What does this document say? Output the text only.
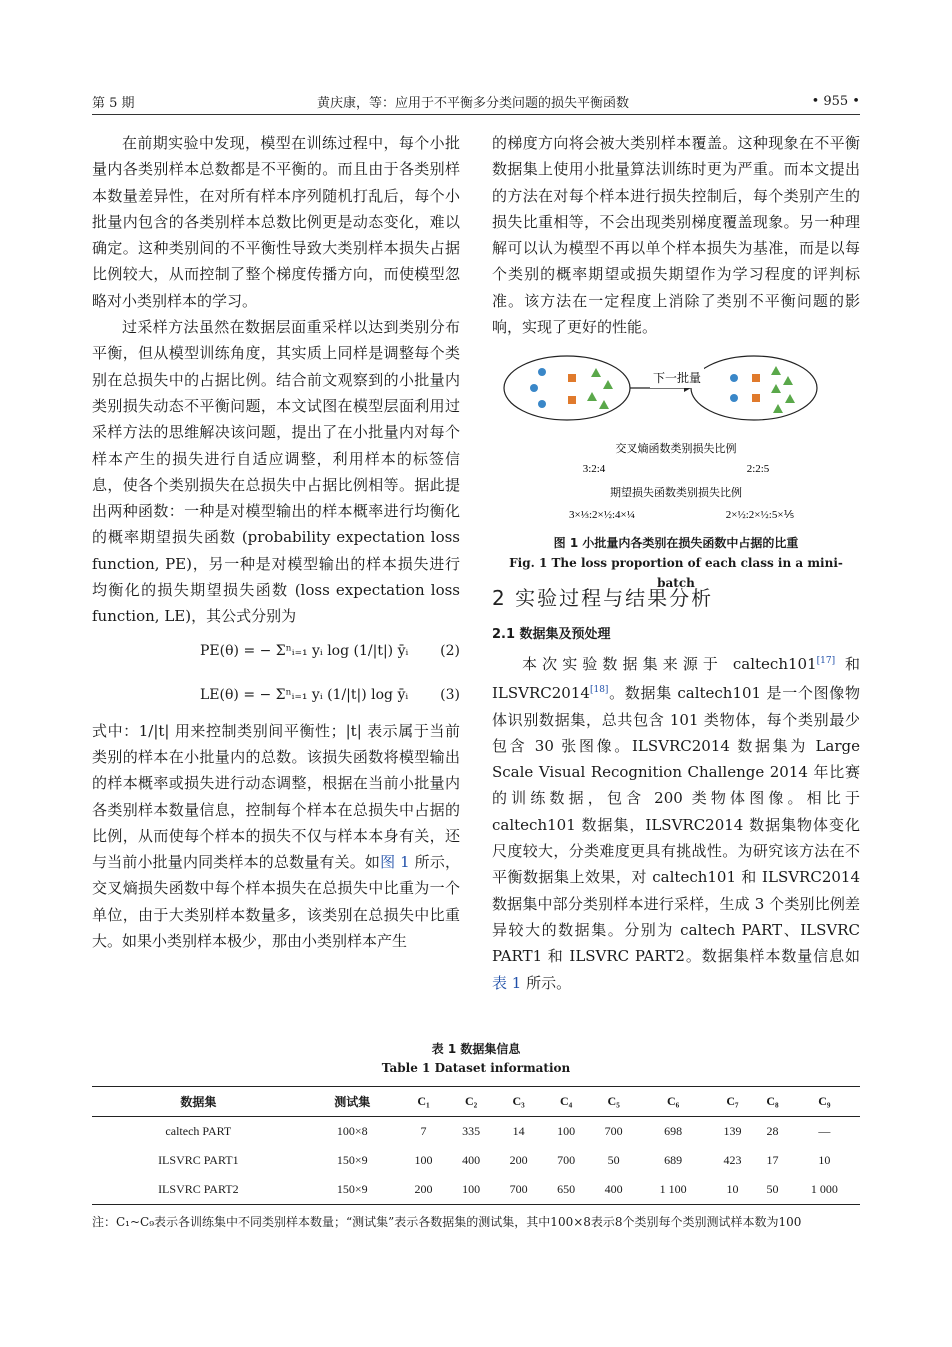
第 5 期	黄庆康，等：应用于不平衡多分类问题的损失平衡函数	• 955 •

在前期实验中发现，模型在训练过程中，每个小批量内各类别样本总数都是不平衡的。而且由于各类别样本数量差异性，在对所有样本序列随机打乱后，每个小批量内包含的各类别样本总数比例更是动态变化，难以确定。这种类别间的不平衡性导致大类别样本损失占据比例较大，从而控制了整个梯度传播方向，而使模型忽略对小类别样本的学习。

过采样方法虽然在数据层面重采样以达到类别分布平衡，但从模型训练角度，其实质上同样是调整每个类别在总损失中的占据比例。结合前文观察到的小批量内类别损失动态不平衡问题，本文试图在模型层面利用过采样方法的思维解决该问题，提出了在小批量内对每个样本产生的损失进行自适应调整，利用样本的标签信息，使各个类别损失在总损失中占据比例相等。据此提出两种函数：一种是对模型输出的样本概率进行均衡化的概率期望损失函数 (probability expectation loss function, PE)，另一种是对模型输出的样本损失进行均衡化的损失期望损失函数 (loss expectation loss function, LE)，其公式分别为

PE(θ) = − Σⁿᵢ₌₁ yᵢ log (1/|t|) ȳᵢ (2)
LE(θ) = − Σⁿᵢ₌₁ yᵢ (1/|t|) log ȳᵢ (3)

式中：1/|t| 用来控制类别间平衡性；|t| 表示属于当前类别的样本在小批量内的总数。该损失函数将模型输出的样本概率或损失进行动态调整，根据在当前小批量内各类别样本数量信息，控制每个样本在总损失中占据的比例，从而使每个样本的损失不仅与样本本身有关，还与当前小批量内同类样本的总数量有关。如图 1 所示，交叉熵损失函数中每个样本损失在总损失中比重为一个单位，由于大类别样本数量多，该类别在总损失中比重大。如果小类别样本极少，那由小类别样本产生

的梯度方向将会被大类别样本覆盖。这种现象在不平衡数据集上使用小批量算法训练时更为严重。而本文提出的方法在对每个样本进行损失控制后，每个类别产生的损失比重相等，不会出现类别梯度覆盖现象。另一种理解可以认为模型不再以单个样本损失为基准，而是以每个类别的概率期望或损失期望作为学习程度的评判标准。该方法在一定程度上消除了类别不平衡问题的影响，实现了更好的性能。

下一批量
交叉熵函数类别损失比例
3:2:4	2:2:5
期望损失函数类别损失比例
3×⅓:2×½:4×¼	2×½:2×½:5×⅕
图 1 小批量内各类别在损失函数中占据的比重
Fig. 1 The loss proportion of each class in a mini-batch
2 实验过程与结果分析
2.1 数据集及预处理

本次实验数据集来源于 caltech101[17] 和 ILSVRC2014[18]。数据集 caltech101 是一个图像物体识别数据集，总共包含 101 类物体，每个类别最少包含 30 张图像。ILSVRC2014 数据集为 Large Scale Visual Recognition Challenge 2014 年比赛的训练数据，包含 200 类物体图像。相比于 caltech101 数据集，ILSVRC2014 数据集物体变化尺度较大，分类难度更具有挑战性。为研究该方法在不平衡数据集上效果，对 caltech101 和 ILSVRC2014 数据集中部分类别样本进行采样，生成 3 个类别比例差异较大的数据集。分别为 caltech PART、ILSVRC PART1 和 ILSVRC PART2。数据集样本数量信息如表 1 所示。

表 1 数据集信息
Table 1 Dataset information
数据集	测试集	C₁	C₂	C₃	C₄	C₅	C₆	C₇	C₈	C₉
caltech PART	100×8	7	335	14	100	700	698	139	28	—
ILSVRC PART1	150×9	100	400	200	700	50	689	423	17	10
ILSVRC PART2	150×9	200	100	700	650	400	1 100	10	50	1 000
注：C₁~C₉表示各训练集中不同类别样本数量；“测试集”表示各数据集的测试集，其中100×8表示8个类别每个类别测试样本数为100
